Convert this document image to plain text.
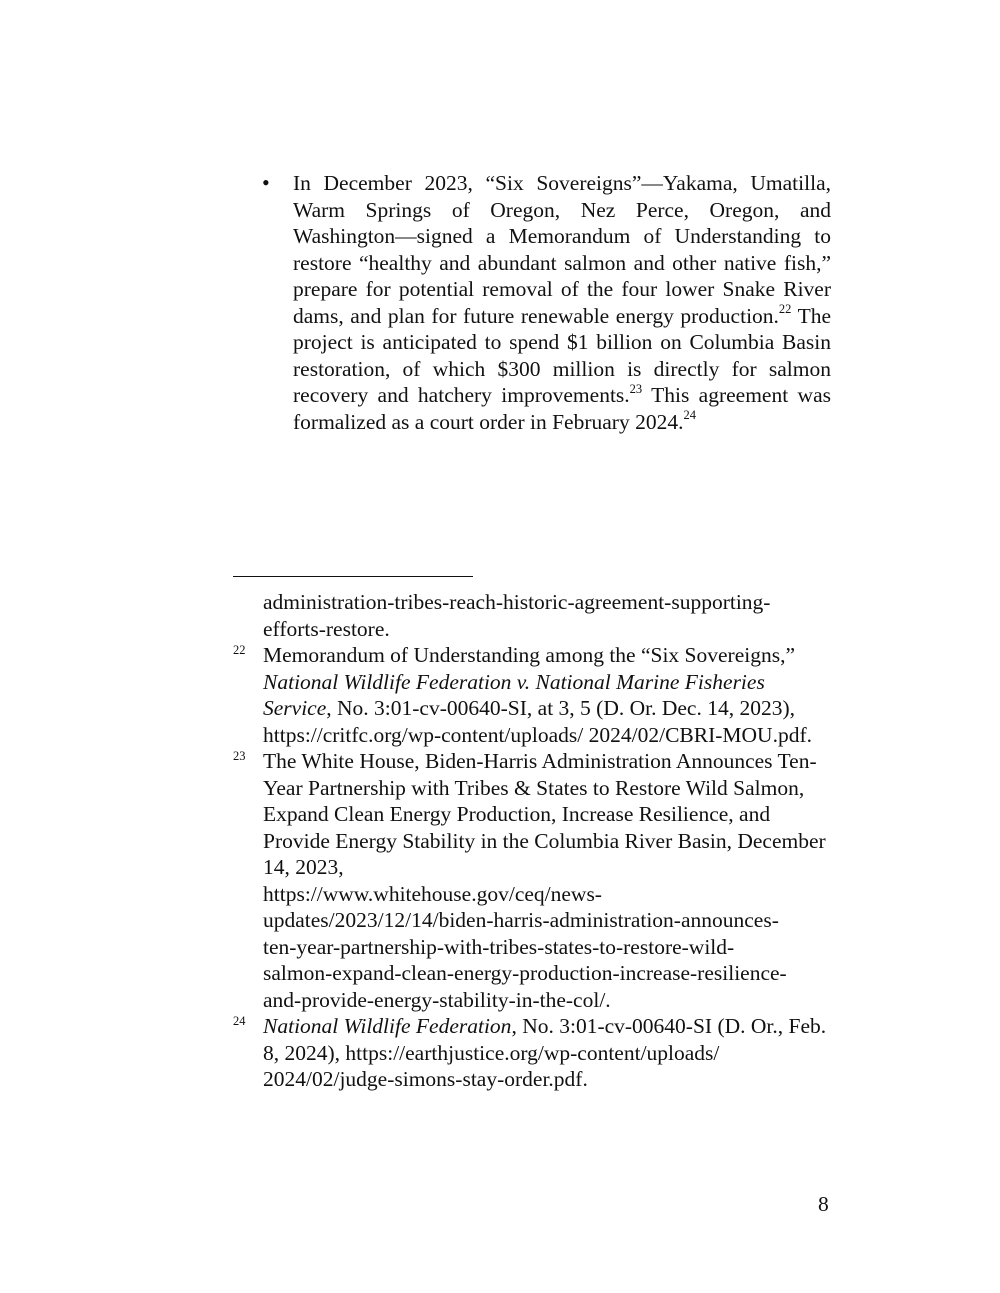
• In December 2023, “Six Sovereigns”—Yakama, Umatilla, Warm Springs of Oregon, Nez Perce, Oregon, and Washington—signed a Memorandum of Understanding to restore “healthy and abundant salmon and other native fish,” prepare for potential removal of the four lower Snake River dams, and plan for future renewable energy production.$^{22}$ The project is anticipated to spend $1 billion on Columbia Basin restoration, of which $300 million is directly for salmon recovery and hatchery improvements.$^{23}$ This agreement was formalized as a court order in February 2024.24

administration-tribes-reach-historic-agreement-supporting-efforts-restore.

22 Memorandum of Understanding among the “Six Sovereigns,” National Wildlife Federation v. National Marine Fisheries Service, No. 3:01-cv-00640-SI, at 3, 5 (D. Or. Dec. 14, 2023), https://critfc.org/wp-content/uploads/ 2024/02/CBRI-MOU.pdf.

23 The White House, Biden-Harris Administration Announces Ten-Year Partnership with Tribes & States to Restore Wild Salmon, Expand Clean Energy Production, Increase Resilience, and Provide Energy Stability in the Columbia River Basin, December 14, 2023,

https://www.whitehouse.gov/ceq/news-
updates/2023/12/14/biden-harris-administration-announces-
ten-year-partnership-with-tribes-states-to-restore-wild-
salmon-expand-clean-energy-production-increase-resilience-
and-provide-energy-stability-in-the-col/.

24 National Wildlife Federation, No. 3:01-cv-00640-SI (D. Or., Feb. 8, 2024), https://earthjustice.org/wp-content/uploads/ 2024/02/judge-simons-stay-order.pdf.

8
